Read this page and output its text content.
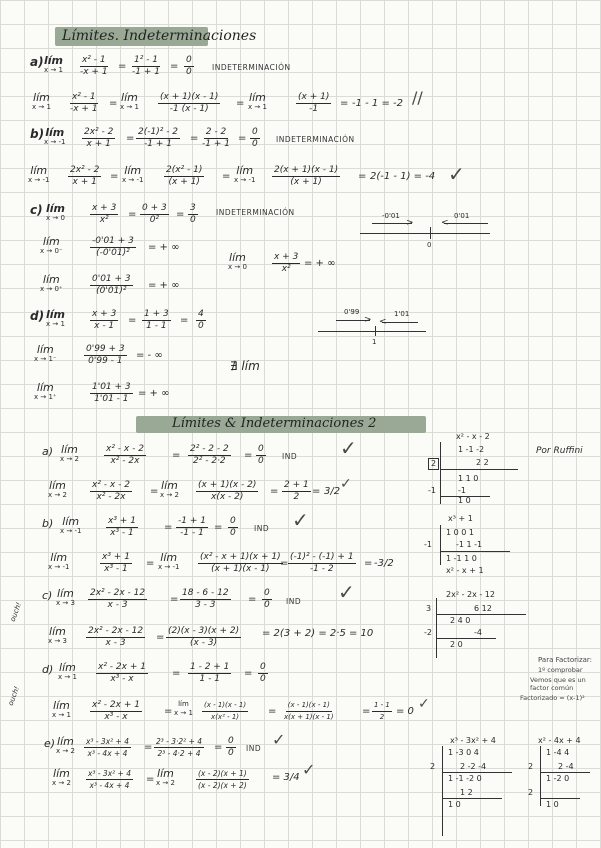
Límites. Indeterminaciones
a) lím
$x \to 1 \frac{\text{x² - 1}}{-x + 1} = \frac{\text{1² - 1}}{-1 + 1} = \frac{0}{0}$ INDETERMINACIÓN
lím
$x \to 1 \frac{\text{x² - 1}}{-x + 1}$ = lím
$x \to 1 \frac{(x + 1)(x - 1)}{-1 (x - 1)}$ = lím
x → 1	$\frac{(x + 1)}{-1} = -1 - 1 = -2$ //
b) lím
$x \to -1 \frac{\text{2x² - 2}}{x + 1} = \frac{\text{2(-1)² - 2}}{-1 + 1} = \frac{2 - 2}{-1 + 1} = \frac{0}{0}$ INDETERMINACIÓN
lím
$x \to -1 \frac{\text{2x² - 2}}{x + 1}$ = lím
$x \to -1 \frac{\text{2(x² - 1)}}{(x + 1)}$ = lím
$x \to -1 \frac{2(x + 1)(x - 1)}{(x + 1)} = 2(-1 - 1) = -4$ ✓
c) lím
x → 0	$\frac{x + 3}{\text{x²}} = \frac{0 + 3}{\text{0²}} = \frac{3}{0}$ INDETERMINACIÓN
lím
x → 0⁻	$\frac{-0'01 + 3}{\text{(-0'01)²}}$ = + ∞
lím
x → 0⁺	$\frac{0'01 + 3}{\text{(0'01)²}}$ = + ∞
lím
x → 0	$\frac{x + 3}{\text{x²}}$ = + ∞
-0'01	0'01
>	<
0
d) lím
x → 1	$\frac{x + 3}{x - 1} = \frac{1 + 3}{1 - 1} = \frac{4}{0}$
lím
x → 1⁻	$\frac{0'99 + 3}{0'99 - 1}$ = - ∞
lím
x → 1⁺	$\frac{1'01 + 3}{1'01 - 1}$ = + ∞
∄ lím
0'99	1'01
> <
1
Límites & Indeterminaciones 2
a) lím
x → 2	$\frac{\text{x² - x - 2}}{\text{x² - 2x}}$	= $\frac{\text{2² - 2 - 2}}{\text{2² - 2·2}} = \frac{0}{0}$ IND ✓
lím
x → 2	$\frac{\text{x² - x - 2}}{\text{x² - 2x}}$ = lím
$x \to 2 \frac{(x + 1)(x - 2)}{x(x - 2)} = \frac{2 + 1}{2} = 3/2$ ✓
x² - x - 2
Por Ruffini
1 -1 -2
2	2 2
1 1 0
-1	-1
1 0
b) lím
x → -1	$\frac{\text{x³ + 1}}{\text{x³ - 1}}$	= $\frac{-1 + 1}{-1 - 1} = \frac{0}{0}$ IND ✓
lím
x → -1	$\frac{\text{x³ + 1}}{\text{x³ - 1}}$ = lím
$x \to -1 \frac{\text{(x² - x + 1)(x + 1)}}{(x + 1)(x - 1)}$
= $\frac{\text{(-1)² - (-1) + 1}}{-1 - 2} = -3/2$
x³ + 1
1 0 0 1
-1	-1 1 -1
1 -1 1 0
x² - x + 1
ouch!
c) lím
$x \to 3 \frac{\text{2x² - 2x - 12}}{x - 3} = \frac{18 - 6 - 12}{3 - 3} = \frac{0}{0}$ IND ✓
lím
$x \to 3 \frac{\text{2x² - 2x - 12}}{x - 3} = \frac{(2)(x - 3)(x + 2)}{(x - 3)} = 2(3 + 2) = 2\cdot 5 = 10$
2x² - 2x - 12
3	6 12
2 4 0
-2	-4
2 0
ouch!
d) lím
$x \to 1 \frac{\text{x² - 2x + 1}}{\text{x³ - x}} = \frac{1 - 2 + 1}{1 - 1} = \frac{0}{0}$
lím
$x \to 1 \frac{\text{x² - 2x + 1}}{\text{x³ - x}}$ =
lím
$x \to 1 \frac{(x - 1)(x - 1)}{\text{x(x² - 1)}} = \frac{(x - 1)(x - 1)}{x(x + 1)(x - 1)}$	= $\frac{1 - 1}{2} = 0$ ✓
Para Factorizar:
1º comprobar
Vemos que es un
factor común
Factorizado = (x-1)²
e) lím
$x \to 2 \frac{\text{x³ - 3x² + 4}}{\text{x³ - 4x + 4}} = \frac{\text{2³ - 3·2² + 4}}{\text{2³ - 4·2 + 4}} = \frac{0}{0}$ IND ✓
lím
$x \to 2 \frac{\text{x³ - 3x² + 4}}{\text{x³ - 4x + 4}}$ = lím
x → 2	$\frac{(x - 2)(x + 1)}{(x - 2)(x + 2)} = 3/4$ ✓
x³ - 3x² + 4
1 -3 0 4
2	2 -2 -4
1 -1 -2 0
1 2
1 0
x² - 4x + 4
1 -4 4
2	2 -4
1 -2 0
2
1 0
